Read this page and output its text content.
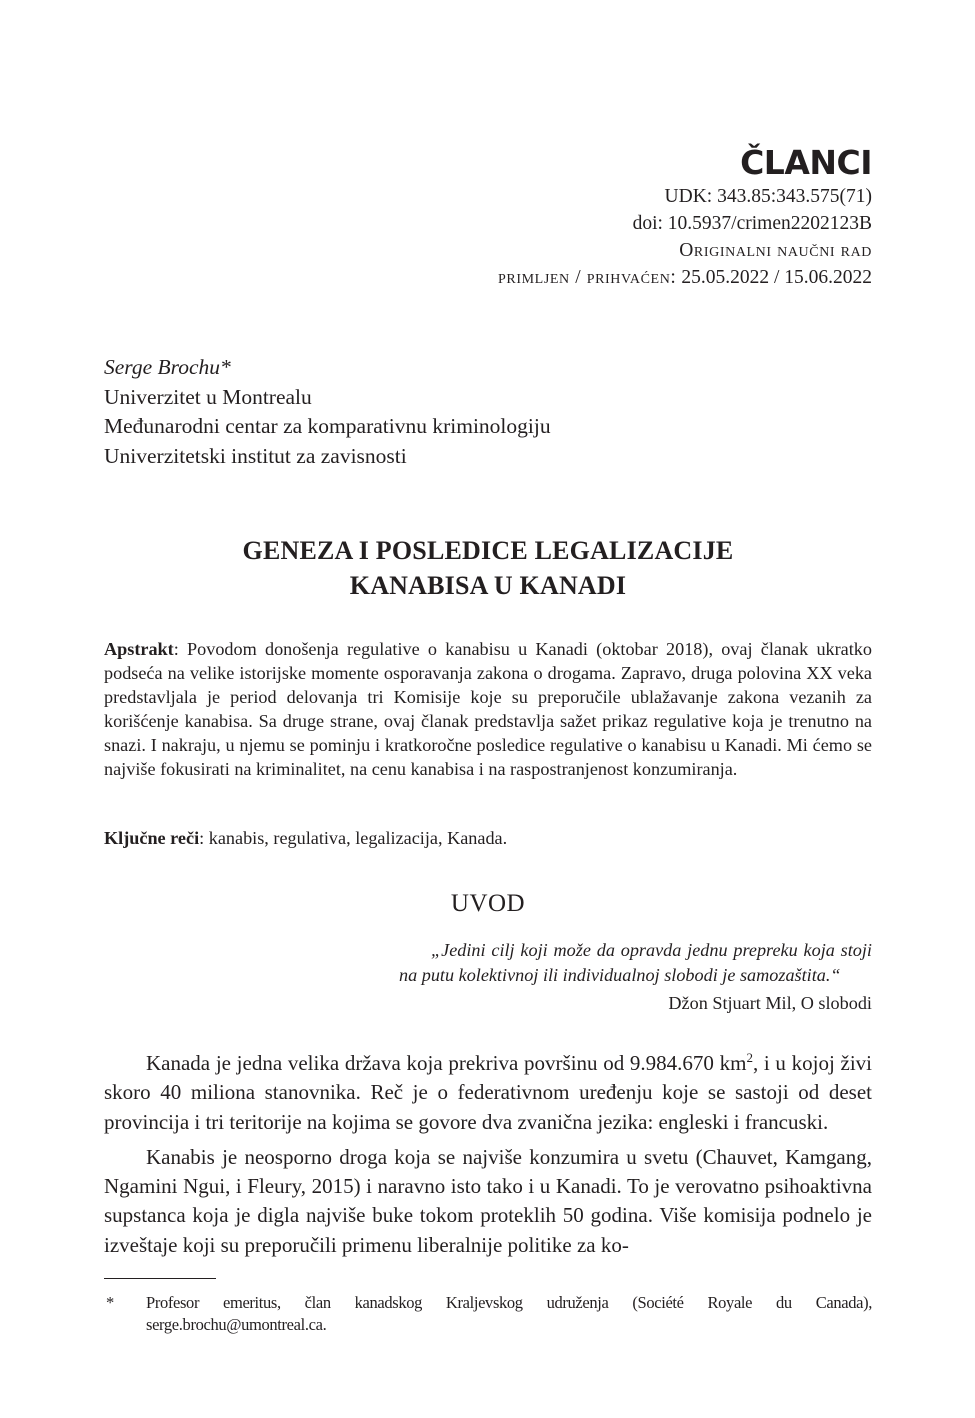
ČLANCI
UDK: 343.85:343.575(71)
doi: 10.5937/crimen2202123B
Originalni naučni rad
primljen / prihvaćen: 25.05.2022 / 15.06.2022
Serge Brochu*
Univerzitet u Montrealu
Međunarodni centar za komparativnu kriminologiju
Univerzitetski institut za zavisnosti
GENEZA I POSLEDICE LEGALIZACIJE
KANABISA U KANADI
Apstrakt: Povodom donošenja regulative o kanabisu u Kanadi (oktobar 2018), ovaj članak ukratko podseća na velike istorijske momente osporavanja zakona o drogama. Zapravo, druga polovina XX veka predstavljala je period delovanja tri Komisije koje su preporučile ublažavanje zakona vezanih za korišćenje kanabisa. Sa druge strane, ovaj članak predstavlja sažet prikaz regulative koja je trenutno na snazi. I nakraju, u njemu se pominju i kratkoročne posledice regulative o kanabisu u Kanadi. Mi ćemo se najviše fokusirati na kriminalitet, na cenu kanabisa i na raspostranjenost konzumiranja.
Ključne reči: kanabis, regulativa, legalizacija, Kanada.
UVOD
„Jedini cilj koji može da opravda jednu prepreku koja stoji na putu kolektivnoj ili individualnoj slobodi je samozaštita.“
Džon Stjuart Mil, O slobodi

Kanada je jedna velika država koja prekriva površinu od 9.984.670 $km^2$, i u kojoj živi skoro 40 miliona stanovnika. Reč je o federativnom uređenju koje se sastoji od deset provincija i tri teritorije na kojima se govore dva zvanična jezika: engleski i francuski.

Kanabis je neosporno droga koja se najviše konzumira u svetu (Chauvet, Kamgang, Ngamini Ngui, i Fleury, 2015) i naravno isto tako i u Kanadi. To je verovatno psihoaktivna supstanca koja je digla najviše buke tokom proteklih 50 godina. Više komisija podnelo je izveštaje koji su preporučili primenu liberalnije politike za ko-

* Profesor emeritus, član kanadskog Kraljevskog udruženja (Société Royale du Canada), serge.brochu@umontreal.ca.
